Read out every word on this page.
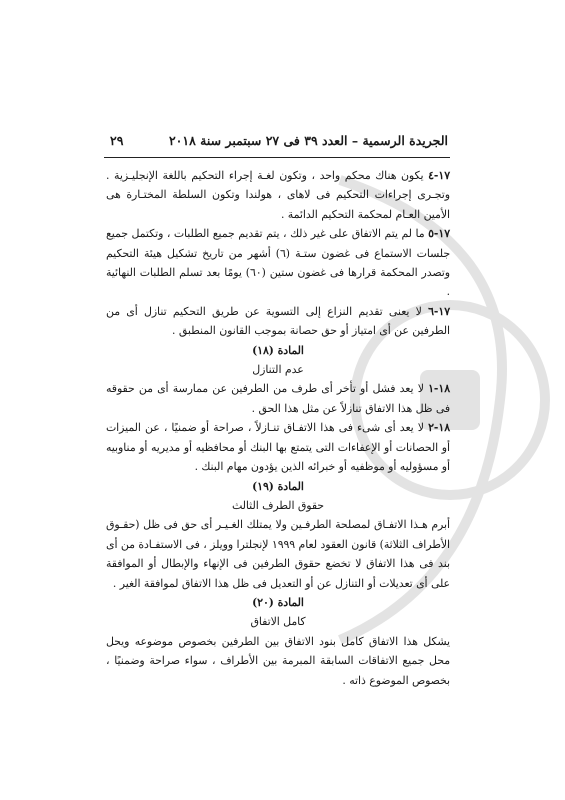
٢٩	الجريدة الرسمية – العدد ٣٩ فى ٢٧ سبتمبر سنة ٢٠١٨

١٧-٤ يكون هناك محكم واحد ، وتكون لغـة إجراء التحكيم باللغة الإنجليـزية . وتجـرى إجراءات التحكيم فى لاهاى ، هولندا وتكون السلطة المختـارة هى الأمين العـام لمحكمة التحكيم الدائمة .

١٧-٥ ما لم يتم الاتفاق على غير ذلك ، يتم تقديم جميع الطلبات ، وتكتمل جميع جلسات الاستماع فى غضون ستـة (٦) أشهر من تاريخ تشكيل هيئة التحكيم وتصدر المحكمة قرارها فى غضون ستين (٦٠) يومًا بعد تسلم الطلبات النهائية .

١٧-٦ لا يعنى تقديم النزاع إلى التسوية عن طريق التحكيم تنازل أى من الطرفين عن أى امتياز أو حق حصانة بموجب القانون المنطبق .

المادة (١٨)

عدم التنازل

١٨-١ لا يعد فشل أو تأخر أى طرف من الطرفين عن ممارسة أى من حقوقه فى ظل هذا الاتفاق تنازلاً عن مثل هذا الحق .

١٨-٢ لا يعد أى شىء فى هذا الاتفـاق تنـازلاً ، صراحة أو ضمنيًا ، عن الميزات أو الحصانات أو الإعفاءات التى يتمتع بها البنك أو محافظيه أو مديريه أو مناوبيه أو مسؤوليه أو موظفيه أو خبرائه الذين يؤدون مهام البنك .

المادة (١٩)

حقوق الطرف الثالث

أبرم هـذا الاتفـاق لمصلحة الطرفـين ولا يمتلك الغـيـر أى حق فى ظل (حقـوق الأطراف الثلاثة) قانون العقود لعام ١٩٩٩ لإنجلترا وويلز ، فى الاستفـادة من أى بند فى هذا الاتفاق لا تخضع حقوق الطرفين فى الإنهاء والإبطال أو الموافقة على أى تعديلات أو التنازل عن أو التعديل فى ظل هذا الاتفاق لموافقة الغير .

المادة (٢٠)

كامل الاتفاق

يشكل هذا الاتفاق كامل بنود الاتفاق بين الطرفين بخصوص موضوعه ويحل محل جميع الاتفاقات السابقة المبرمة بين الأطراف ، سواء صراحة وضمنيًا ، بخصوص الموضوع ذاته .
